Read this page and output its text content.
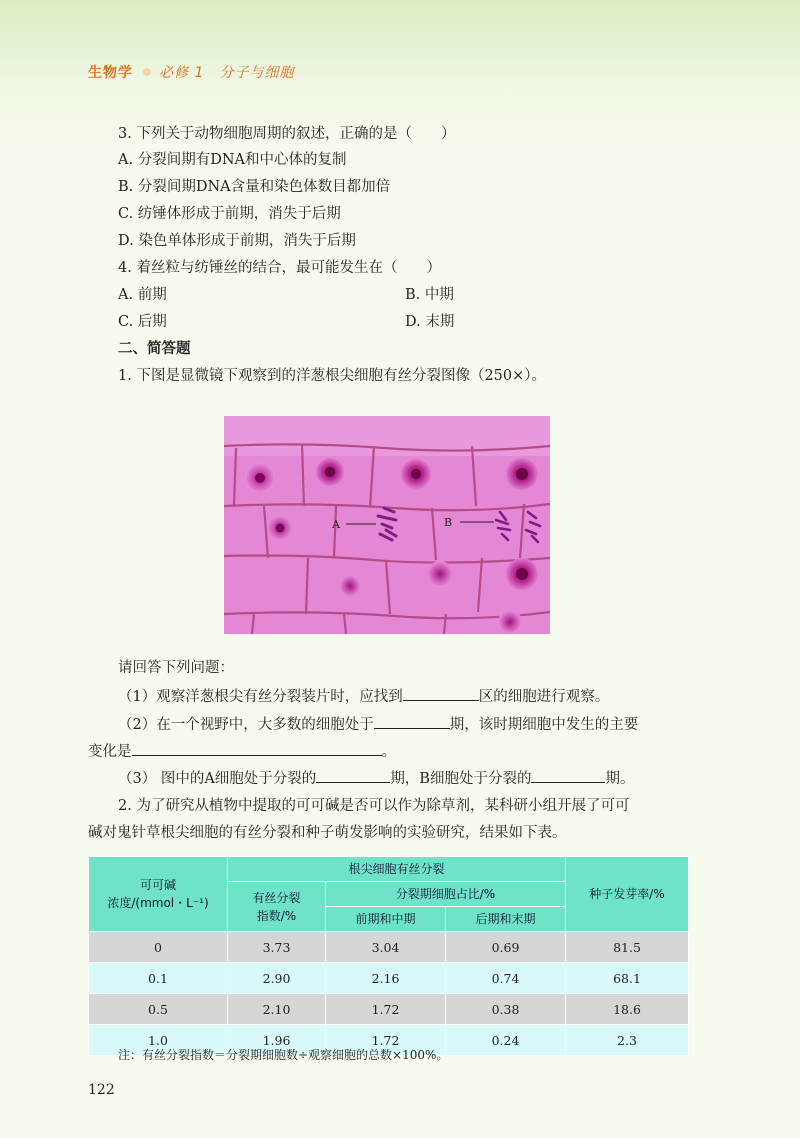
生物学 必修 1　分子与细胞
3. 下列关于动物细胞周期的叙述，正确的是（　　）
A. 分裂间期有DNA和中心体的复制
B. 分裂间期DNA含量和染色体数目都加倍
C. 纺锤体形成于前期，消失于后期
D. 染色单体形成于前期，消失于后期
4. 着丝粒与纺锤丝的结合，最可能发生在（　　）
A. 前期	B. 中期
C. 后期	D. 末期
二、简答题
1. 下图是显微镜下观察到的洋葱根尖细胞有丝分裂图像（250×）。
A	B
请回答下列问题：
（1）观察洋葱根尖有丝分裂装片时，应找到	区的细胞进行观察。
（2）在一个视野中，大多数的细胞处于	期，该时期细胞中发生的主要
变化是	。
（3） 图中的A细胞处于分裂的	期，B细胞处于分裂的	期。
2. 为了研究从植物中提取的可可碱是否可以作为除草剂，某科研小组开展了可可
碱对鬼针草根尖细胞的有丝分裂和种子萌发影响的实验研究，结果如下表。
可可碱
浓度/(mmol・L⁻¹)	根尖细胞有丝分裂			种子发芽率/%
	有丝分裂
指数/%	分裂期细胞占比/%		
		前期和中期	后期和末期	
0	3.73	3.04	0.69	81.5
0.1	2.90	2.16	0.74	68.1
0.5	2.10	1.72	0.38	18.6
1.0	1.96	1.72	0.24	2.3
注：有丝分裂指数＝分裂期细胞数÷观察细胞的总数×100%。
122
